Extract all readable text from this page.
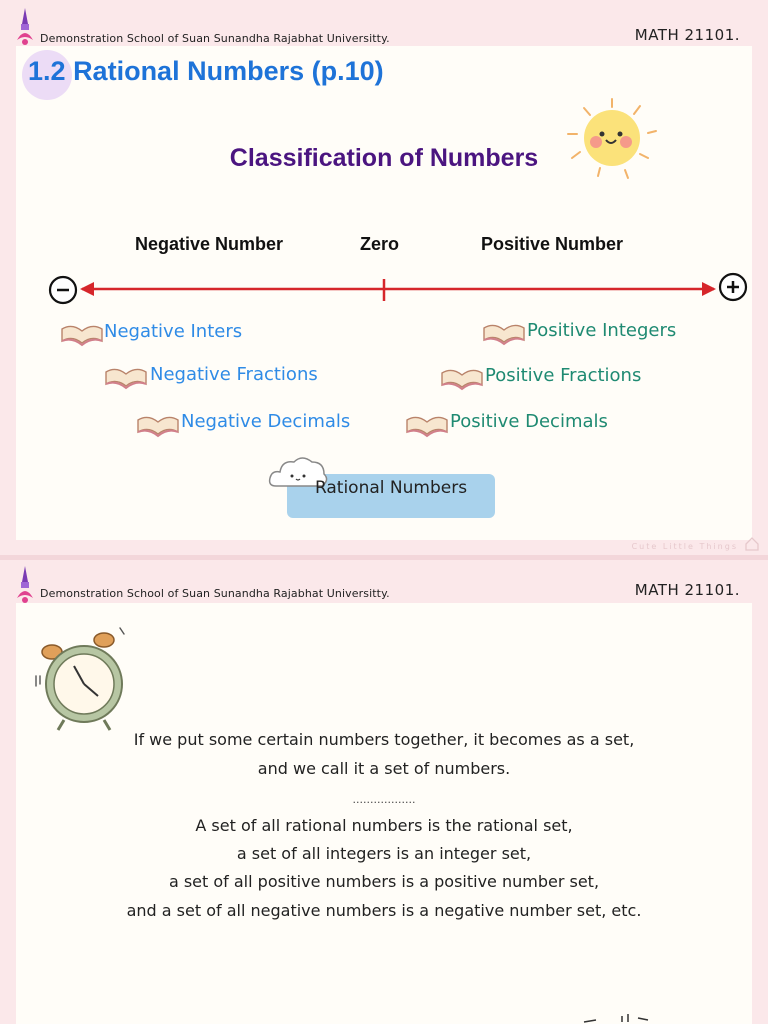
Demonstration School of Suan Sunandha Rajabhat Universitty.	MATH 21101.
1.2 Rational Numbers (p.10)
Classification of Numbers
Negative Number	Zero	Positive Number
Negative Inters
Negative Fractions
Negative Decimals
Positive Integers
Positive Fractions
Positive Decimals
Rational Numbers
Cute Little Things
Demonstration School of Suan Sunandha Rajabhat Universitty.	MATH 21101.
If we put some certain numbers together, it becomes as a set,
and we call it a set of numbers.
..................
A set of all rational numbers is the rational set,
a set of all integers is an integer set,
a set of all positive numbers is a positive number set,
and a set of all negative numbers is a negative number set, etc.
